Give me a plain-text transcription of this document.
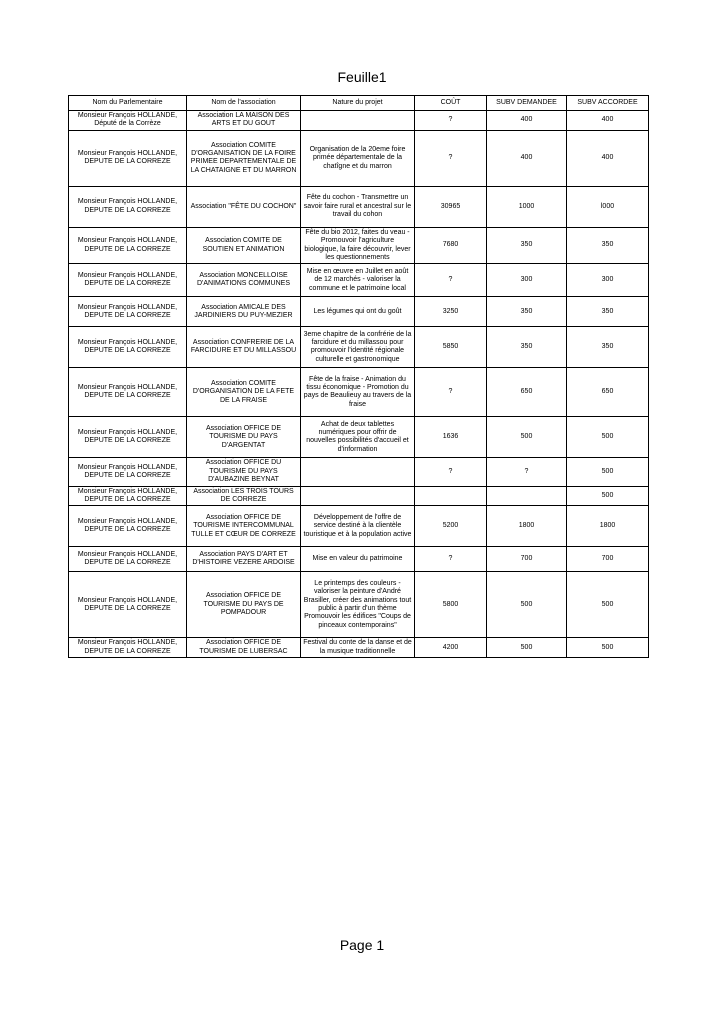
Feuille1
Nom du Parlementaire	Nom de l'association	Nature du projet	COÛT	SUBV DEMANDEE	SUBV ACCORDEE
Monsieur François HOLLANDE, Député de la Corrèze	Association LA MAISON DES ARTS ET DU GOUT		?	400	400
Monsieur François HOLLANDE, DEPUTE DE LA CORREZE	Association COMITE D'ORGANISATION DE LA FOIRE PRIMEE DEPARTEMENTALE DE LA CHATAIGNE ET DU MARRON	Organisation de la 20eme foire primée départementale de la chatîgne et du marron	?	400	400
Monsieur François HOLLANDE, DEPUTE DE LA CORREZE	Association "FÊTE DU COCHON"	Fête du cochon - Transmettre un savoir faire rural et ancestral sur le travail du cohon	30965	1000	l000
Monsieur François HOLLANDE, DEPUTE DE LA CORREZE	Association COMITE DE SOUTIEN ET ANIMATION	Fête du bio 2012, faites du veau - Promouvoir l'agriculture biologique, la faire découvrir, lever les questionnements	7680	350	350
Monsieur François HOLLANDE, DEPUTE DE LA CORREZE	Association MONCELLOISE D'ANIMATIONS COMMUNES	Mise en œuvre en Juillet en août de 12 marchés - valoriser la commune et le patrimoine local	?	300	300
Monsieur François HOLLANDE, DEPUTE DE LA CORREZE	Association AMICALE DES JARDINIERS DU PUY-MEZIER	Les légumes qui ont du goût	3250	350	350
Monsieur François HOLLANDE, DEPUTE DE LA CORREZE	Association CONFRERIE DE LA FARCIDURE ET DU MILLASSOU	3eme chapitre de la confrérie de la farcidure et du millassou pour promouvoir l'identité régionale culturelle et gastronomique	5850	350	350
Monsieur François HOLLANDE, DEPUTE DE LA CORREZE	Association COMITE D'ORGANISATION DE LA FETE DE LA FRAISE	Fête de la fraise - Animation du tissu économique - Promotion du pays de Beaulieuy au travers de la fraise	?	650	650
Monsieur François HOLLANDE, DEPUTE DE LA CORREZE	Association OFFICE DE TOURISME DU PAYS D'ARGENTAT	Achat de deux tablettes numériques pour offrir de nouvelles possibilités d'accueil et d'information	1636	500	500
Monsieur François HOLLANDE, DEPUTE DE LA CORREZE	Association OFFICE DU TOURISME DU PAYS D'AUBAZINE BEYNAT		?	?	500
Monsieur François HOLLANDE, DEPUTE DE LA CORREZE	Association LES TROIS TOURS DE CORREZE				500
Monsieur François HOLLANDE, DEPUTE DE LA CORREZE	Association OFFICE DE TOURISME INTERCOMMUNAL TULLE ET CŒUR DE CORREZE	Développement de l'offre de service destiné à la clientèle touristique et à la population active	5200	1800	1800
Monsieur François HOLLANDE, DEPUTE DE LA CORREZE	Association PAYS D'ART ET D'HISTOIRE VEZERE ARDOISE	Mise en valeur du patrimoine	?	700	700
Monsieur François HOLLANDE, DEPUTE DE LA CORREZE	Association OFFICE DE TOURISME DU PAYS DE POMPADOUR	Le printemps des couleurs - valoriser la peinture d'André Brasiller, créer des animations tout public à partir d'un thème Promouvoir les édifices "Coups de pinceaux contemporains"	5800	500	500
Monsieur François HOLLANDE, DEPUTE DE LA CORREZE	Association OFFICE DE TOURISME DE LUBERSAC	Festival du conte de la danse et de la musique traditionnelle	4200	500	500
Page 1
